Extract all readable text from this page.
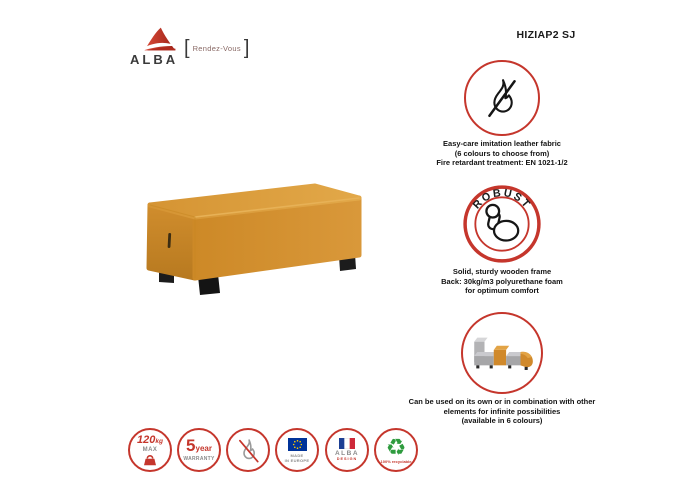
ALBA
[ Rendez-Vous ]
HIZIAP2 SJ
Easy-care imitation leather fabric
(6 colours to choose from)
Fire retardant treatment: EN 1021-1/2
ROBUST
Solid, sturdy wooden frame
Back: 30kg/m3 polyurethane foam
for optimum comfort
Can be used on its own or in combination with other
elements for infinite possibilities
(available in 6 colours)
120kg
MAX 5year
WARRANTY
MADE
IN EUROPE
ALBA
DESIGN ♻
100% recyclable
